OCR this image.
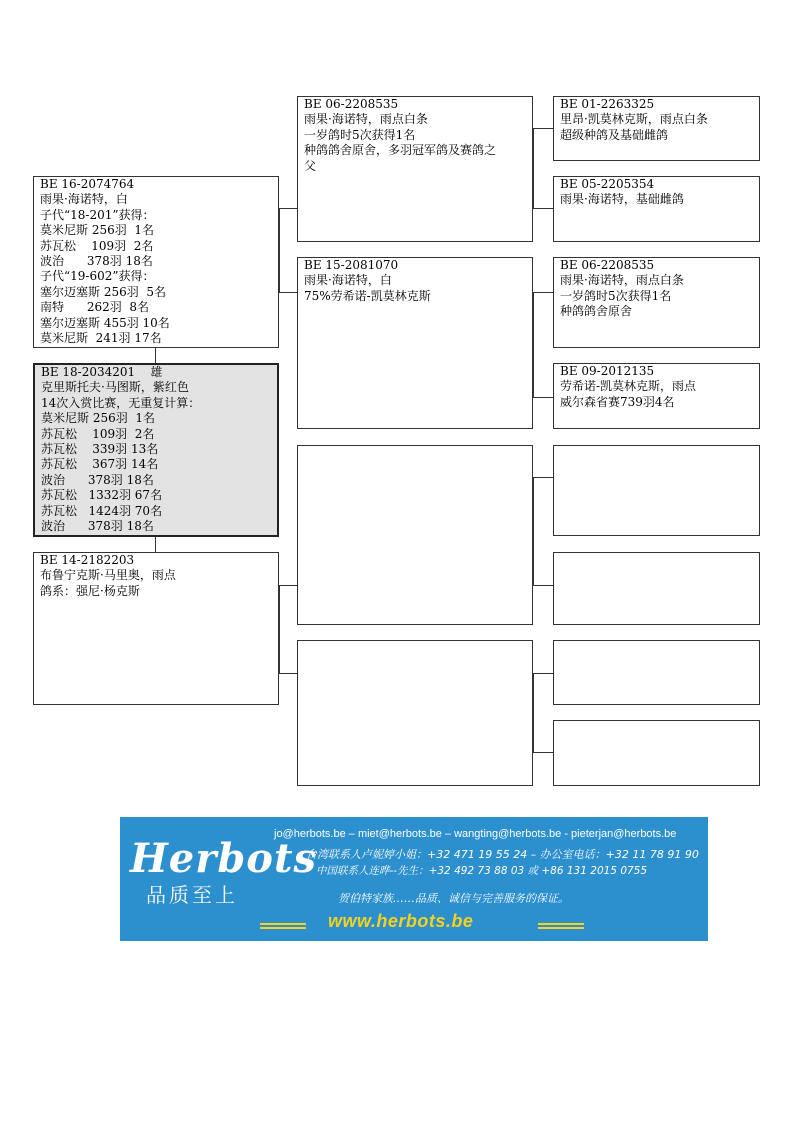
BE 16-2074764
雨果·海诺特，白
子代“18-201”获得：
莫米尼斯 256羽  1名
苏瓦松    109羽  2名
波治      378羽 18名
子代“19-602”获得：
塞尔迈塞斯 256羽  5名
南特      262羽  8名
塞尔迈塞斯 455羽 10名
莫米尼斯  241羽 17名
BE 18-2034201    雄
克里斯托夫·马图斯，紫红色
14次入赏比赛，无重复计算：
莫米尼斯 256羽  1名
苏瓦松    109羽  2名
苏瓦松    339羽 13名
苏瓦松    367羽 14名
波治      378羽 18名
苏瓦松   1332羽 67名
苏瓦松   1424羽 70名
波治      378羽 18名
BE 14-2182203
布鲁宁克斯·马里奥，雨点
鸽系：强尼·杨克斯
BE 06-2208535
雨果·海诺特，雨点白条
一岁鸽时5次获得1名
种鸽鸽舍原舍，多羽冠军鸽及赛鸽之
父
BE 15-2081070
雨果·海诺特，白
75%劳希诺-凯莫林克斯
BE 01-2263325
里昂·凯莫林克斯，雨点白条
超级种鸽及基础雌鸽
BE 05-2205354
雨果·海诺特，基础雌鸽
BE 06-2208535
雨果·海诺特，雨点白条
一岁鸽时5次获得1名
种鸽鸽舍原舍
BE 09-2012135
劳希诺-凯莫林克斯，雨点
威尔森省赛739羽4名
Herbots
品质至上
jo@herbots.be – miet@herbots.be – wangting@herbots.be - pieterjan@herbots.be
台湾联系人卢妮婷小姐：+32 471 19 55 24 – 办公室电话：+32 11 78 91 90
中国联系人连晔--先生：+32 492 73 88 03 或 +86 131 2015 0755
贺伯特家族……品质、诚信与完善服务的保证。
www.herbots.be
